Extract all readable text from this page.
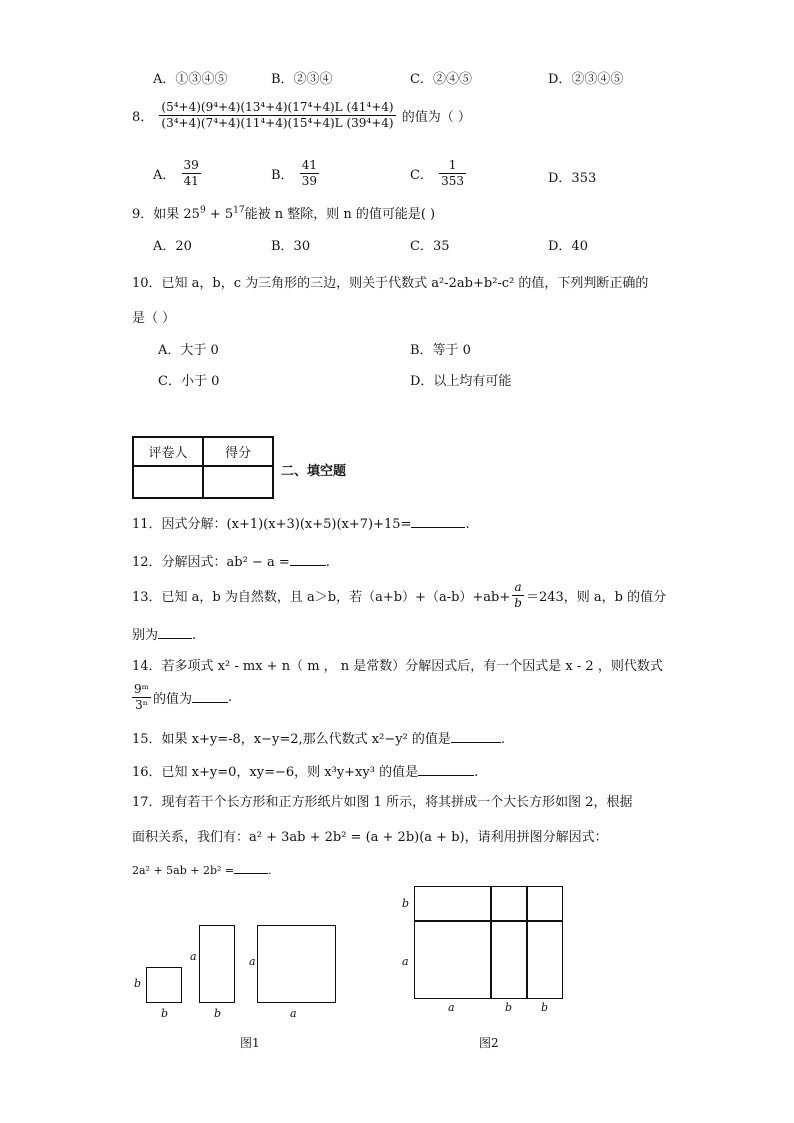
A．①③④⑤	B．②③④	C．②④⑤	D．②③④⑤
8． $\frac{\text{(5⁴+4)(9⁴+4)(13⁴+4)(17⁴+4)L (41⁴+4)}}{\text{(3⁴+4)(7⁴+4)(11⁴+4)(15⁴+4)L (39⁴+4)}}$ 的值为（ ）
A． $\frac{39}{41}$	B． $\frac{41}{39}$	C． $\frac{1}{353}$	D．353
9．如果 $25^9 + 5^{17}$能被 n 整除，则 n 的值可能是( )
A．20	B．30	C．35	D．40
10．已知 a，b，c 为三角形的三边，则关于代数式 a²-2ab+b²-c² 的值，下列判断正确的
是（ ）
A．大于 0	B．等于 0
C．小于 0	D．以上均有可能
评卷人	得分

二、填空题
11．因式分解：(x+1)(x+3)(x+5)(x+7)+15=	.
12．分解因式：ab² − a =	.
13．已知 a，b 为自然数，且 a＞b，若$(a+b)+(a-b)+ab+ \frac{a}{b} =243$，则 a，b 的值分
别为	.
14．若多项式 x² - mx + n（ m ， n 是常数）分解因式后，有一个因式是 x - 2 ，则代数式
$\frac{\text{9ᵐ}}{\text{3ⁿ}}$ 的值为	.
15．如果 x+y=-8，x−y=2,那么代数式 x²−y² 的值是	.
16．已知 x+y=0，xy=−6，则 x³y+xy³ 的值是	.
17．现有若干个长方形和正方形纸片如图 1 所示，将其拼成一个大长方形如图 2，根据
面积关系，我们有：a² + 3ab + 2b² = (a + 2b)(a + b)，请利用拼图分解因式：
2a² + 5ab + 2b² =	.
b
b
a
b
a
a
图1
b
a
a	b	b
图2
